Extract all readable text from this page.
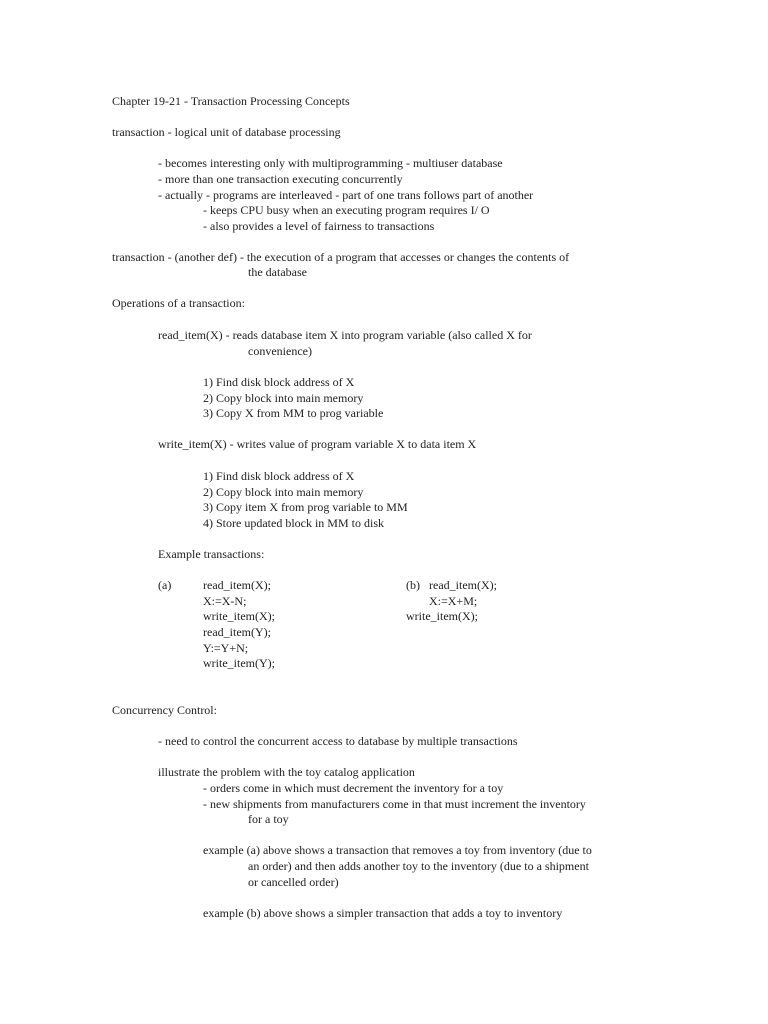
Chapter 19-21 - Transaction Processing Concepts
transaction - logical unit of database processing
- becomes interesting only with multiprogramming - multiuser database
- more than one transaction executing concurrently
- actually - programs are interleaved - part of one trans follows part of another
- keeps CPU busy when an executing program requires I/ O
- also provides a level of fairness to transactions
transaction - (another def) - the execution of a program that accesses or changes the contents of
the database
Operations of a transaction:
read_item(X) - reads database item X into program variable (also called X for
convenience)
1) Find disk block address of X
2) Copy block into main memory
3) Copy X from MM to prog variable
write_item(X) - writes value of program variable X to data item X
1) Find disk block address of X
2) Copy block into main memory
3) Copy item X from prog variable to MM
4) Store updated block in MM to disk
Example transactions:
(a)	read_item(X);
X:=X-N;
write_item(X);
read_item(Y);
Y:=Y+N;
write_item(Y);
(b) read_item(X);
X:=X+M;
write_item(X);
Concurrency Control:
- need to control the concurrent access to database by multiple transactions
illustrate the problem with the toy catalog application
- orders come in which must decrement the inventory for a toy
- new shipments from manufacturers come in that must increment the inventory
for a toy
example (a) above shows a transaction that removes a toy from inventory (due to
an order) and then adds another toy to the inventory (due to a shipment
or cancelled order)
example (b) above shows a simpler transaction that adds a toy to inventory
